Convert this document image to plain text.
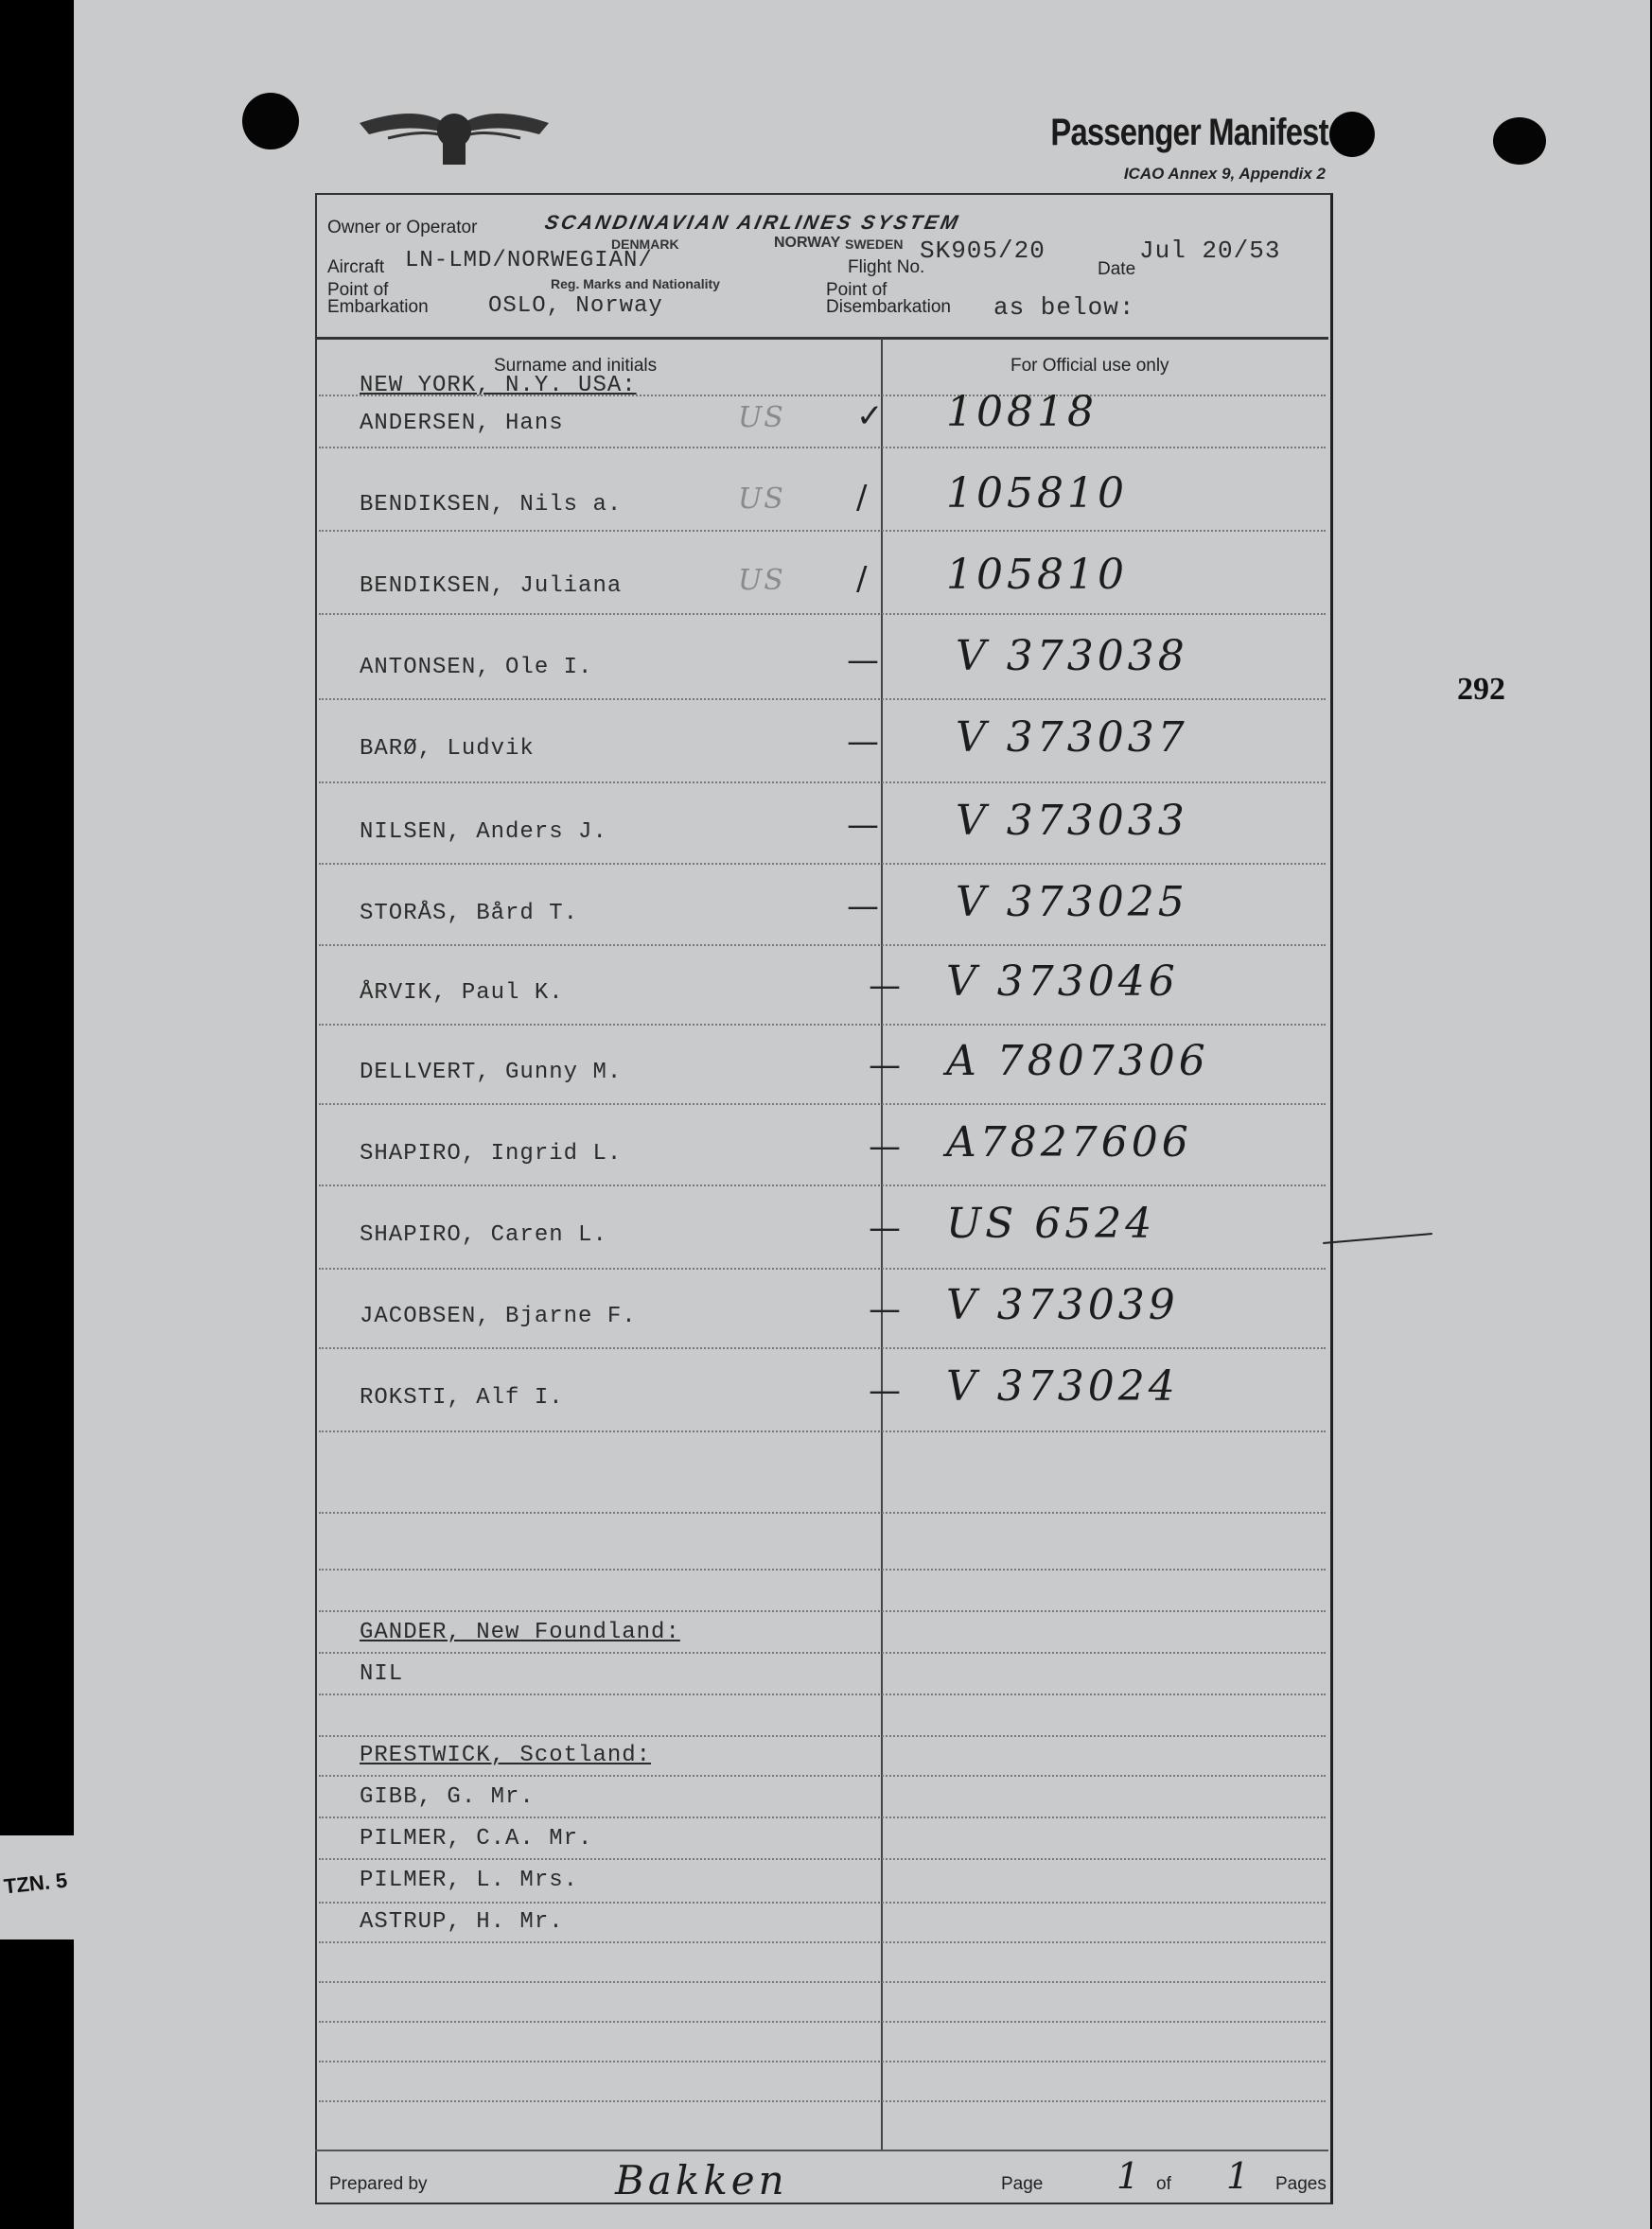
TZN. 5
Passenger Manifest
ICAO Annex 9, Appendix 2
Owner or Operator	SCANDINAVIAN AIRLINES SYSTEM
DENMARK	NORWAY SWEDEN
Aircraft LN-LMD/NORWEGIAN/
Reg. Marks and Nationality
Flight No.
SK905/20
Date
Jul 20/53
Point of
Embarkation	OSLO, Norway
Point of
Disembarkation as below:
Surname and initials	For Official use only
NEW YORK, N.Y. USA:
ANDERSEN, Hans	US ✓ 10818
BENDIKSEN, Nils a.	US / 105810
BENDIKSEN, Juliana	US / 105810
ANTONSEN, Ole I.	— V 373038
BARØ, Ludvik	— V 373037
NILSEN, Anders J.	— V 373033
STORÅS, Bård T.	— V 373025
ÅRVIK, Paul K.	— V 373046
DELLVERT, Gunny M.	— A 7807306
SHAPIRO, Ingrid L.	— A7827606
SHAPIRO, Caren L.	— US 6524
JACOBSEN, Bjarne F.	— V 373039
ROKSTI, Alf I.	— V 373024
GANDER, New Foundland:
NIL
PRESTWICK, Scotland:
GIBB, G. Mr.
PILMER, C.A. Mr.
PILMER, L. Mrs.
ASTRUP, H. Mr.
292
Prepared by	Bakken	Page 1 of 1 Pages
